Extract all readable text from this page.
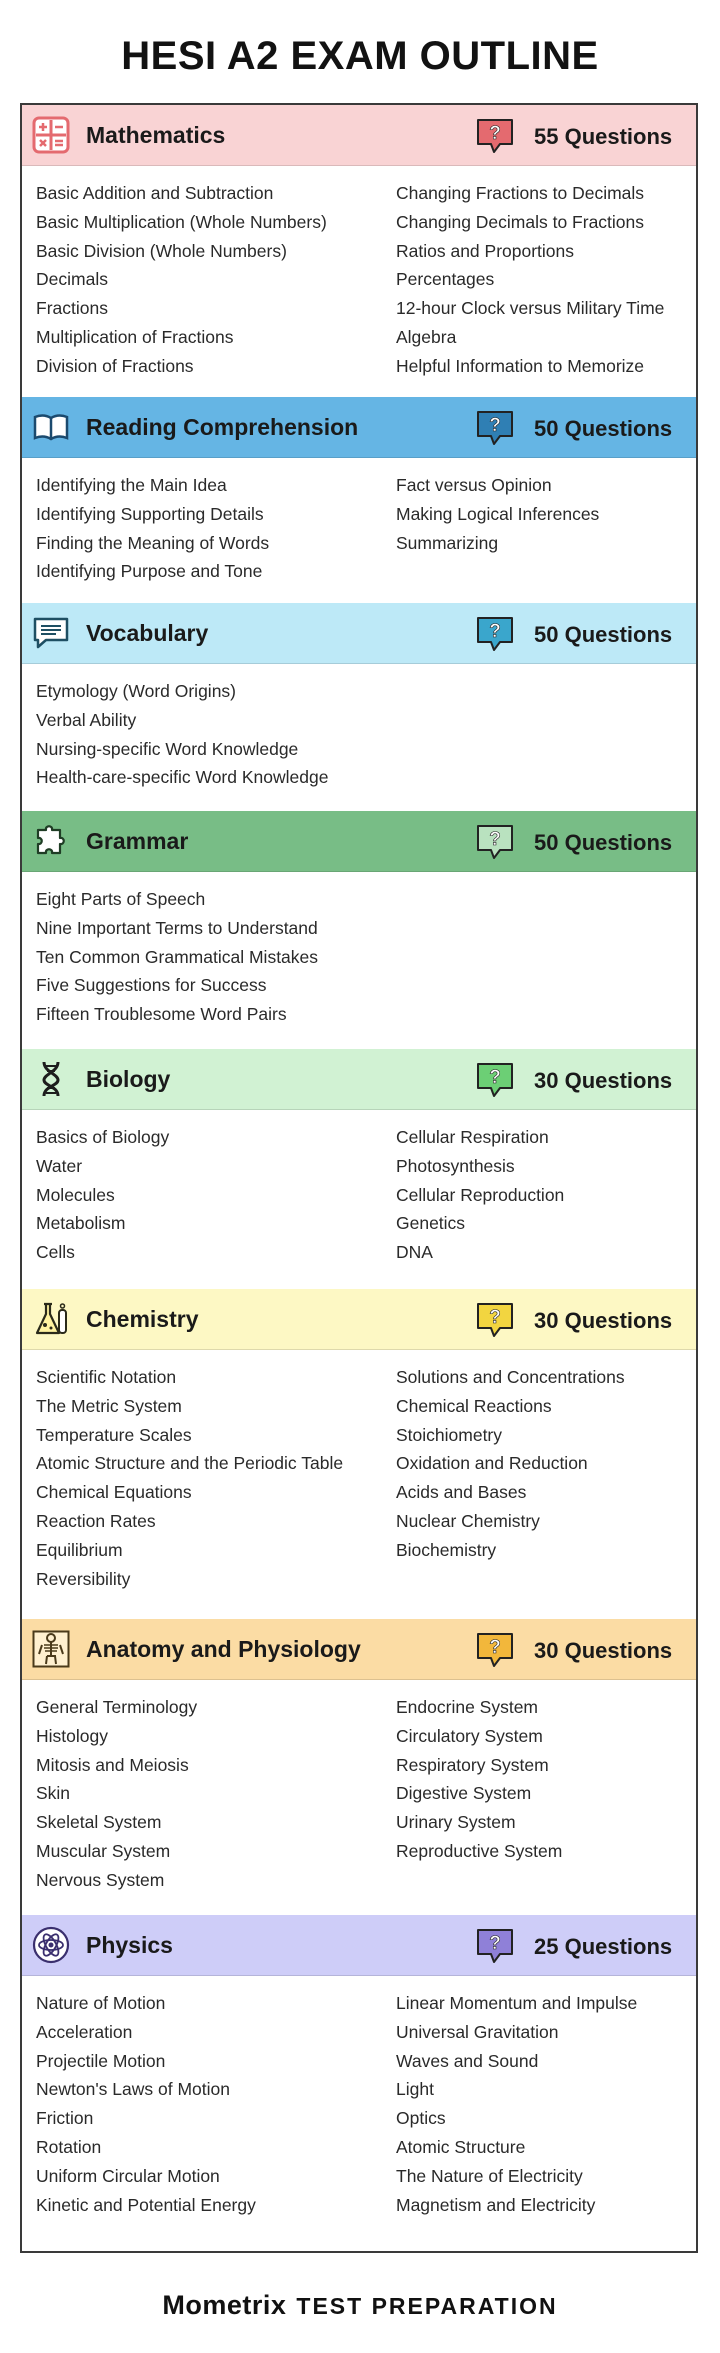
HESI A2 EXAM OUTLINE
Mathematics	? 55 Questions
Basic Addition and Subtraction
Basic Multiplication (Whole Numbers)
Basic Division (Whole Numbers)
Decimals
Fractions
Multiplication of Fractions
Division of Fractions
Changing Fractions to Decimals
Changing Decimals to Fractions
Ratios and Proportions
Percentages
12-hour Clock versus Military Time
Algebra
Helpful Information to Memorize
Reading Comprehension	? 50 Questions
Identifying the Main Idea
Identifying Supporting Details
Finding the Meaning of Words
Identifying Purpose and Tone
Fact versus Opinion
Making Logical Inferences
Summarizing
Vocabulary	? 50 Questions
Etymology (Word Origins)
Verbal Ability
Nursing-specific Word Knowledge
Health-care-specific Word Knowledge
Grammar	? 50 Questions
Eight Parts of Speech
Nine Important Terms to Understand
Ten Common Grammatical Mistakes
Five Suggestions for Success
Fifteen Troublesome Word Pairs
Biology	? 30 Questions
Basics of Biology
Water
Molecules
Metabolism
Cells
Cellular Respiration
Photosynthesis
Cellular Reproduction
Genetics
DNA
Chemistry	? 30 Questions
Scientific Notation
The Metric System
Temperature Scales
Atomic Structure and the Periodic Table
Chemical Equations
Reaction Rates
Equilibrium
Reversibility
Solutions and Concentrations
Chemical Reactions
Stoichiometry
Oxidation and Reduction
Acids and Bases
Nuclear Chemistry
Biochemistry
Anatomy and Physiology	? 30 Questions
General Terminology
Histology
Mitosis and Meiosis
Skin
Skeletal System
Muscular System
Nervous System
Endocrine System
Circulatory System
Respiratory System
Digestive System
Urinary System
Reproductive System
Physics	? 25 Questions
Nature of Motion
Acceleration
Projectile Motion
Newton's Laws of Motion
Friction
Rotation
Uniform Circular Motion
Kinetic and Potential Energy
Linear Momentum and Impulse
Universal Gravitation
Waves and Sound
Light
Optics
Atomic Structure
The Nature of Electricity
Magnetism and Electricity
Mometrix TEST PREPARATION
